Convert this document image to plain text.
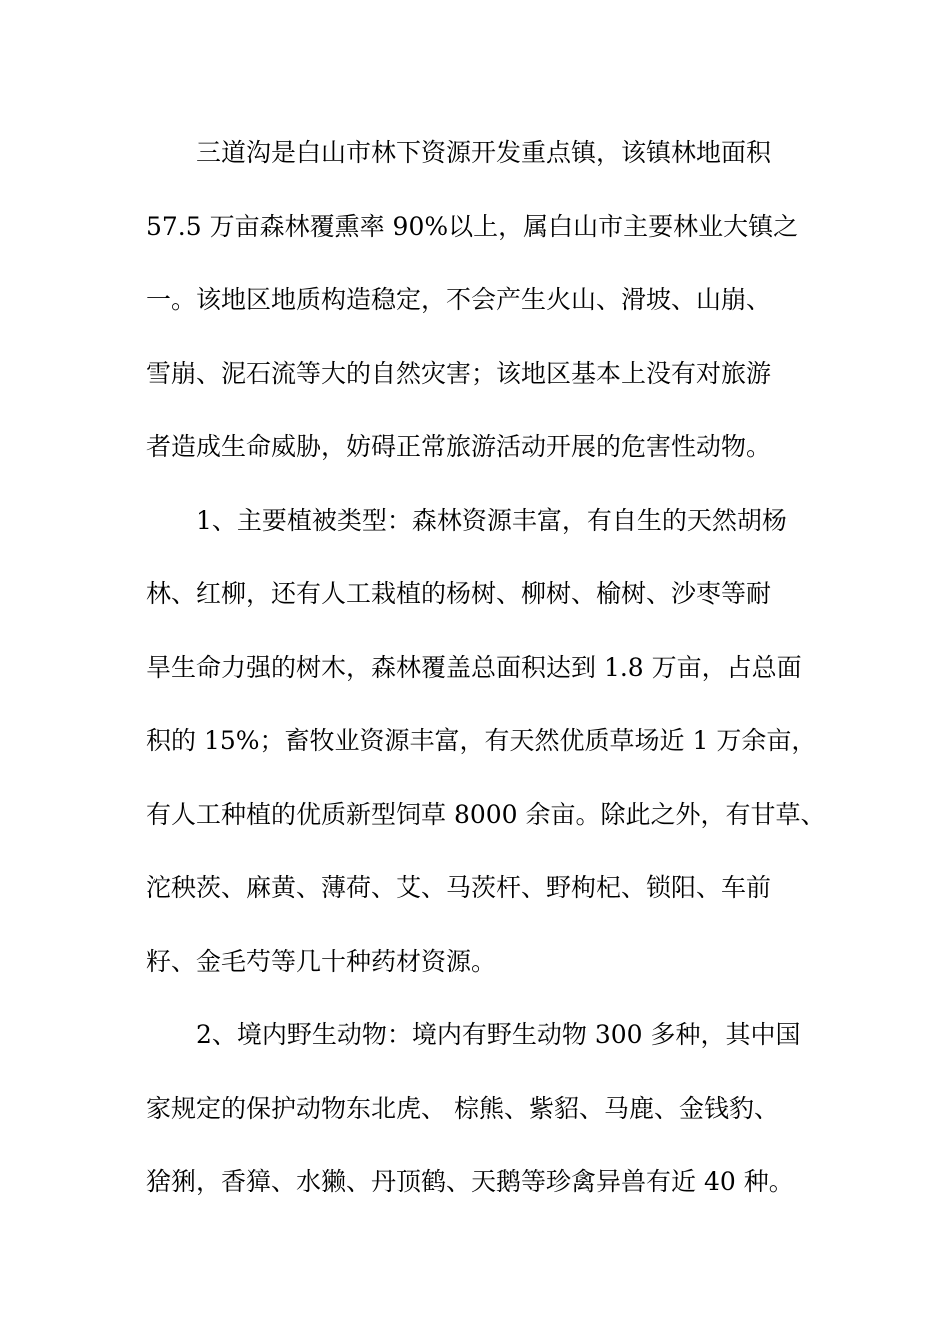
三道沟是白山市林下资源开发重点镇，该镇林地面积
57.5 万亩森林覆熏率 90%以上，属白山市主要林业大镇之
一。该地区地质构造稳定，不会产生火山、滑坡、山崩、
雪崩、泥石流等大的自然灾害；该地区基本上没有对旅游
者造成生命威胁，妨碍正常旅游活动开展的危害性动物。
1、主要植被类型：森林资源丰富，有自生的天然胡杨
林、红柳，还有人工栽植的杨树、柳树、榆树、沙枣等耐
旱生命力强的树木，森林覆盖总面积达到 1.8 万亩，占总面
积的 15%；畜牧业资源丰富，有天然优质草场近 1 万余亩，
有人工种植的优质新型饲草 8000 余亩。除此之外，有甘草、
沱秧茨、麻黄、薄荷、艾、马茨杆、野枸杞、锁阳、车前
籽、金毛芍等几十种药材资源。
2、境内野生动物：境内有野生动物 300 多种，其中国
家规定的保护动物东北虎、 棕熊、紫貂、马鹿、金钱豹、
猞猁，香獐、水獭、丹顶鹤、天鹅等珍禽异兽有近 40 种。
